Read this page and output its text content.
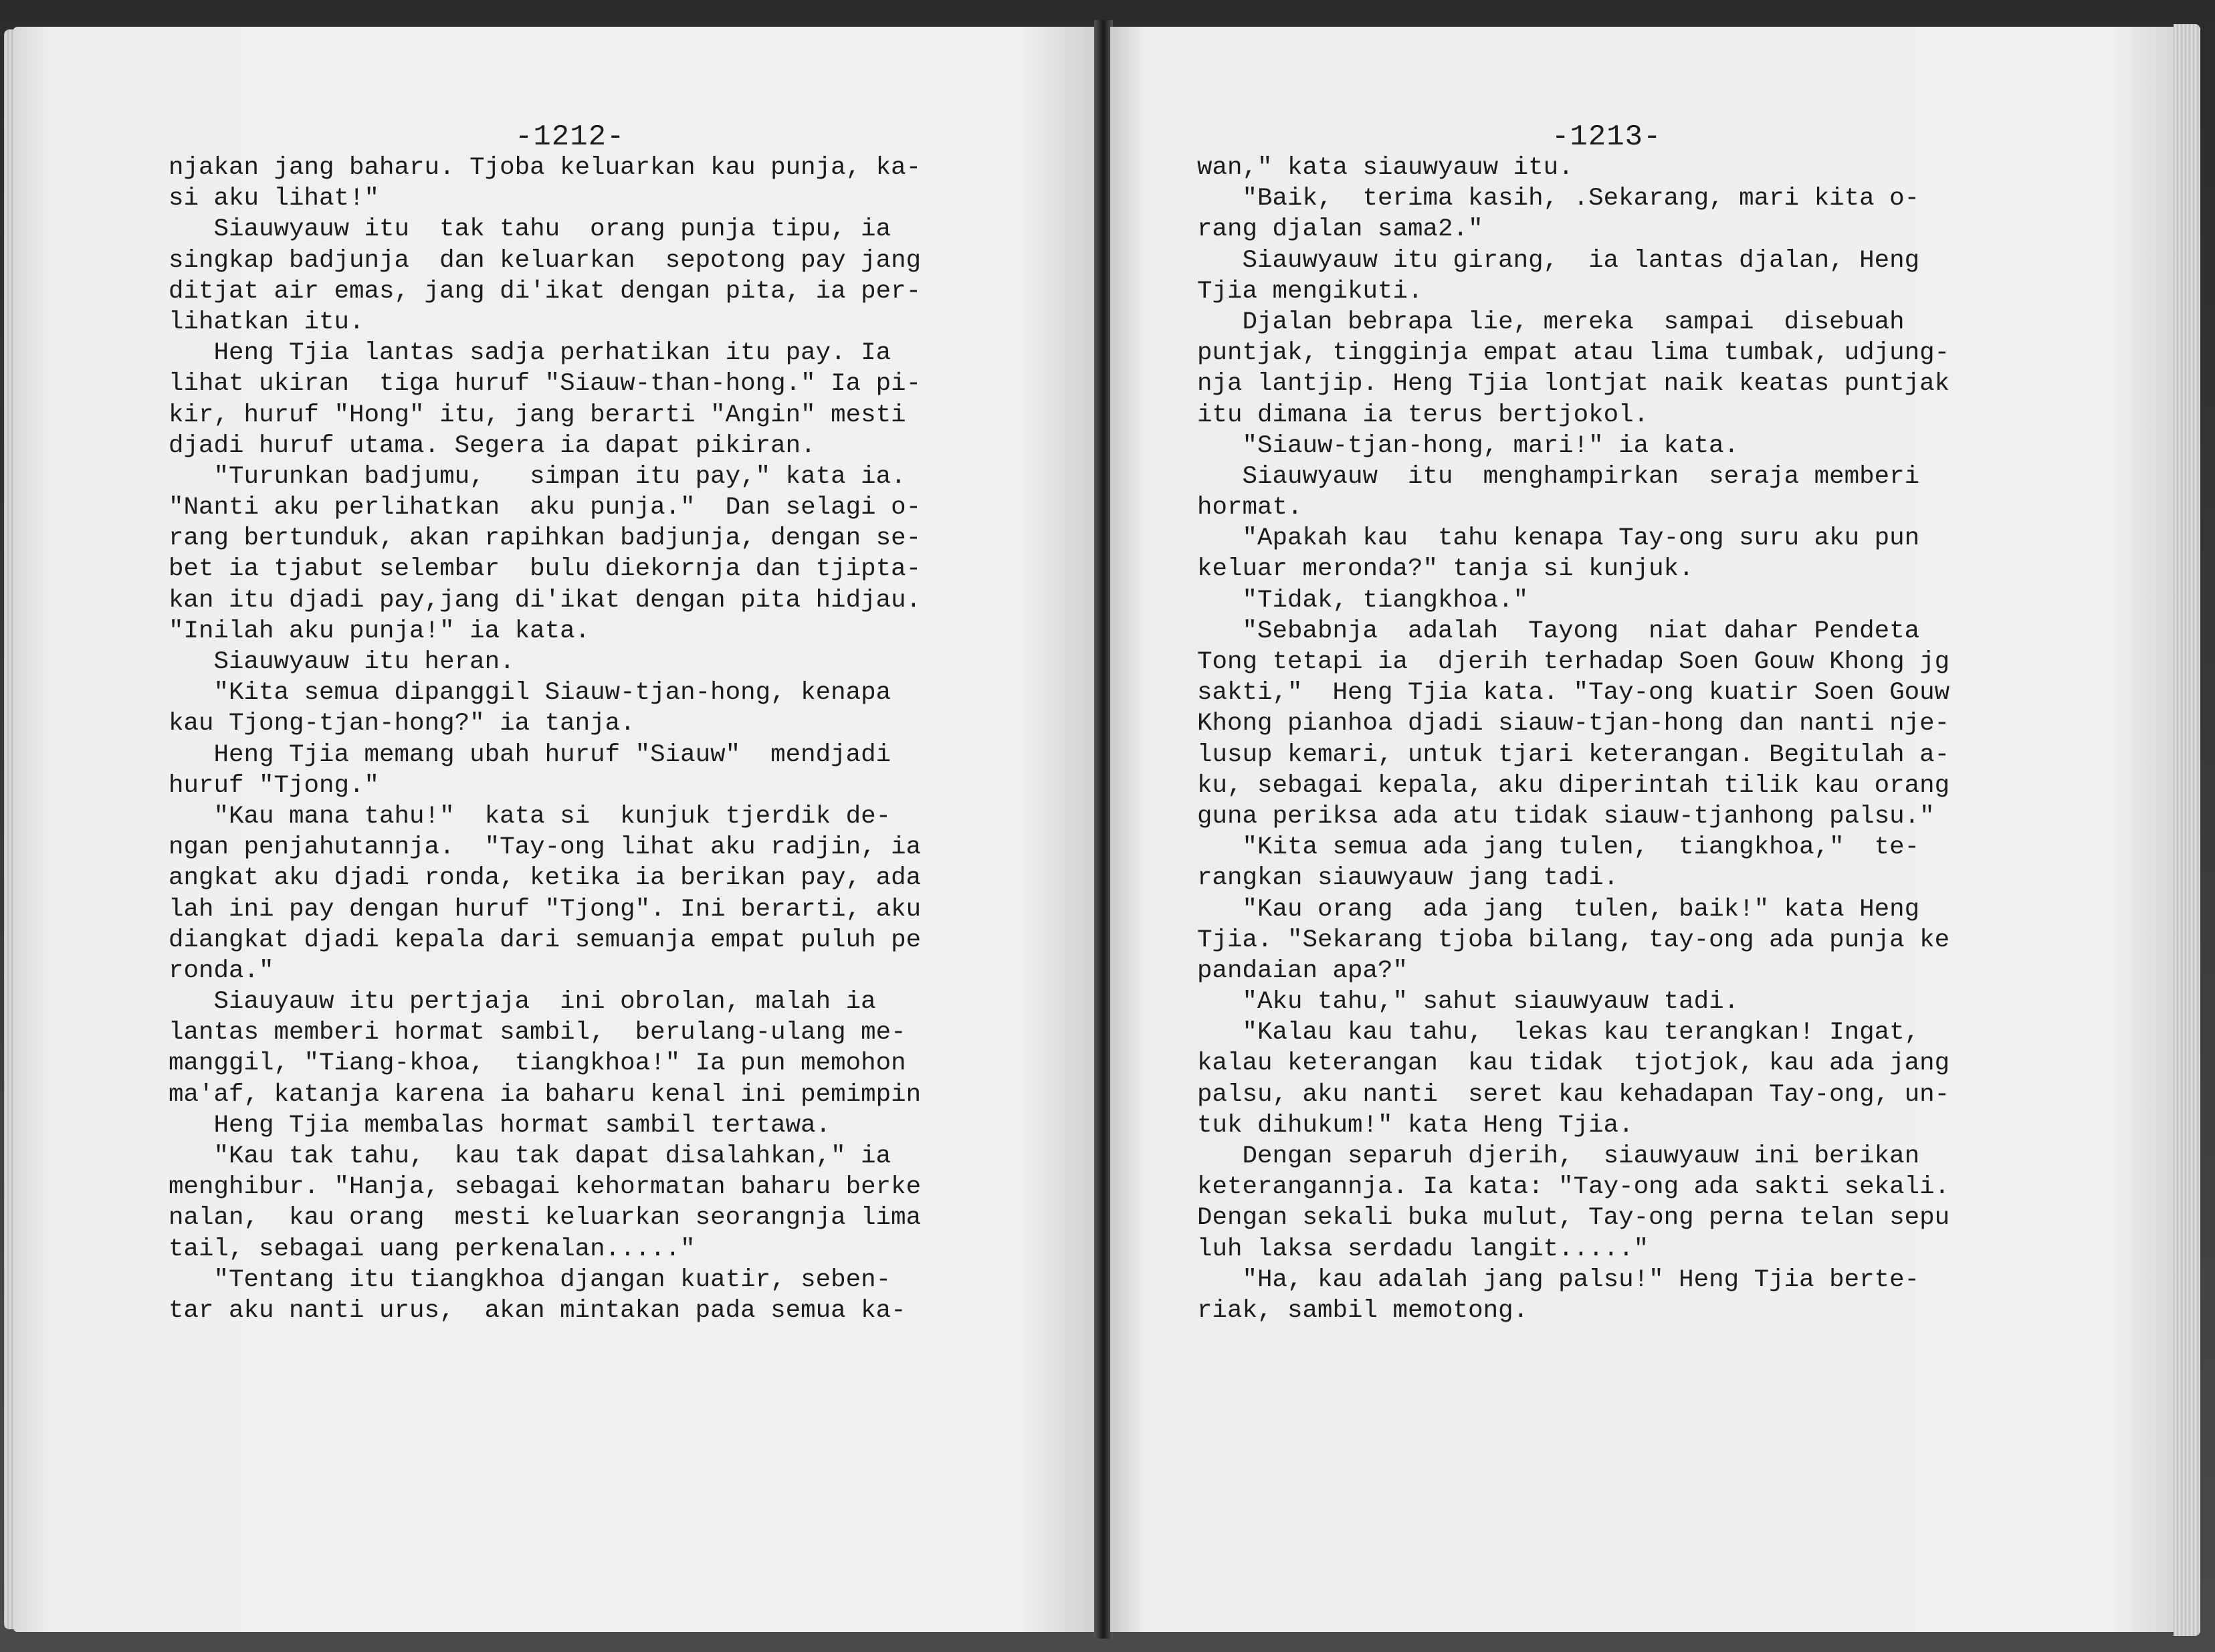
-1212-
njakan jang baharu. Tjoba keluarkan kau punja, ka-
si aku lihat!"
Siauwyauw itu  tak tahu  orang punja tipu, ia
singkap badjunja  dan keluarkan  sepotong pay jang
ditjat air emas, jang di'ikat dengan pita, ia per-
lihatkan itu.
Heng Tjia lantas sadja perhatikan itu pay. Ia
lihat ukiran  tiga huruf "Siauw-than-hong." Ia pi-
kir, huruf "Hong" itu, jang berarti "Angin" mesti
djadi huruf utama. Segera ia dapat pikiran.
"Turunkan badjumu,   simpan itu pay," kata ia.
"Nanti aku perlihatkan  aku punja."  Dan selagi o-
rang bertunduk, akan rapihkan badjunja, dengan se-
bet ia tjabut selembar  bulu diekornja dan tjipta-
kan itu djadi pay,jang di'ikat dengan pita hidjau.
"Inilah aku punja!" ia kata.
Siauwyauw itu heran.
"Kita semua dipanggil Siauw-tjan-hong, kenapa
kau Tjong-tjan-hong?" ia tanja.
Heng Tjia memang ubah huruf "Siauw"  mendjadi
huruf "Tjong."
"Kau mana tahu!"  kata si  kunjuk tjerdik de-
ngan penjahutannja.  "Tay-ong lihat aku radjin, ia
angkat aku djadi ronda, ketika ia berikan pay, ada
lah ini pay dengan huruf "Tjong". Ini berarti, aku
diangkat djadi kepala dari semuanja empat puluh pe
ronda."
Siauyauw itu pertjaja  ini obrolan, malah ia
lantas memberi hormat sambil,  berulang-ulang me-
manggil, "Tiang-khoa,  tiangkhoa!" Ia pun memohon
ma'af, katanja karena ia baharu kenal ini pemimpin
Heng Tjia membalas hormat sambil tertawa.
"Kau tak tahu,  kau tak dapat disalahkan," ia
menghibur. "Hanja, sebagai kehormatan baharu berke
nalan,  kau orang  mesti keluarkan seorangnja lima
tail, sebagai uang perkenalan....."
"Tentang itu tiangkhoa djangan kuatir, seben-
tar aku nanti urus,  akan mintakan pada semua ka-
-1213-
wan," kata siauwyauw itu.
"Baik,  terima kasih, .Sekarang, mari kita o-
rang djalan sama2."
Siauwyauw itu girang,  ia lantas djalan, Heng
Tjia mengikuti.
Djalan bebrapa lie, mereka  sampai  disebuah
puntjak, tingginja empat atau lima tumbak, udjung-
nja lantjip. Heng Tjia lontjat naik keatas puntjak
itu dimana ia terus bertjokol.
"Siauw-tjan-hong, mari!" ia kata.
Siauwyauw  itu  menghampirkan  seraja memberi
hormat.
"Apakah kau  tahu kenapa Tay-ong suru aku pun
keluar meronda?" tanja si kunjuk.
"Tidak, tiangkhoa."
"Sebabnja  adalah  Tayong  niat dahar Pendeta
Tong tetapi ia  djerih terhadap Soen Gouw Khong jg
sakti,"  Heng Tjia kata. "Tay-ong kuatir Soen Gouw
Khong pianhoa djadi siauw-tjan-hong dan nanti nje-
lusup kemari, untuk tjari keterangan. Begitulah a-
ku, sebagai kepala, aku diperintah tilik kau orang
guna periksa ada atu tidak siauw-tjanhong palsu."
"Kita semua ada jang tulen,  tiangkhoa,"  te-
rangkan siauwyauw jang tadi.
"Kau orang  ada jang  tulen, baik!" kata Heng
Tjia. "Sekarang tjoba bilang, tay-ong ada punja ke
pandaian apa?"
"Aku tahu," sahut siauwyauw tadi.
"Kalau kau tahu,  lekas kau terangkan! Ingat,
kalau keterangan  kau tidak  tjotjok, kau ada jang
palsu, aku nanti  seret kau kehadapan Tay-ong, un-
tuk dihukum!" kata Heng Tjia.
Dengan separuh djerih,  siauwyauw ini berikan
keterangannja. Ia kata: "Tay-ong ada sakti sekali.
Dengan sekali buka mulut, Tay-ong perna telan sepu
luh laksa serdadu langit....."
"Ha, kau adalah jang palsu!" Heng Tjia berte-
riak, sambil memotong.
